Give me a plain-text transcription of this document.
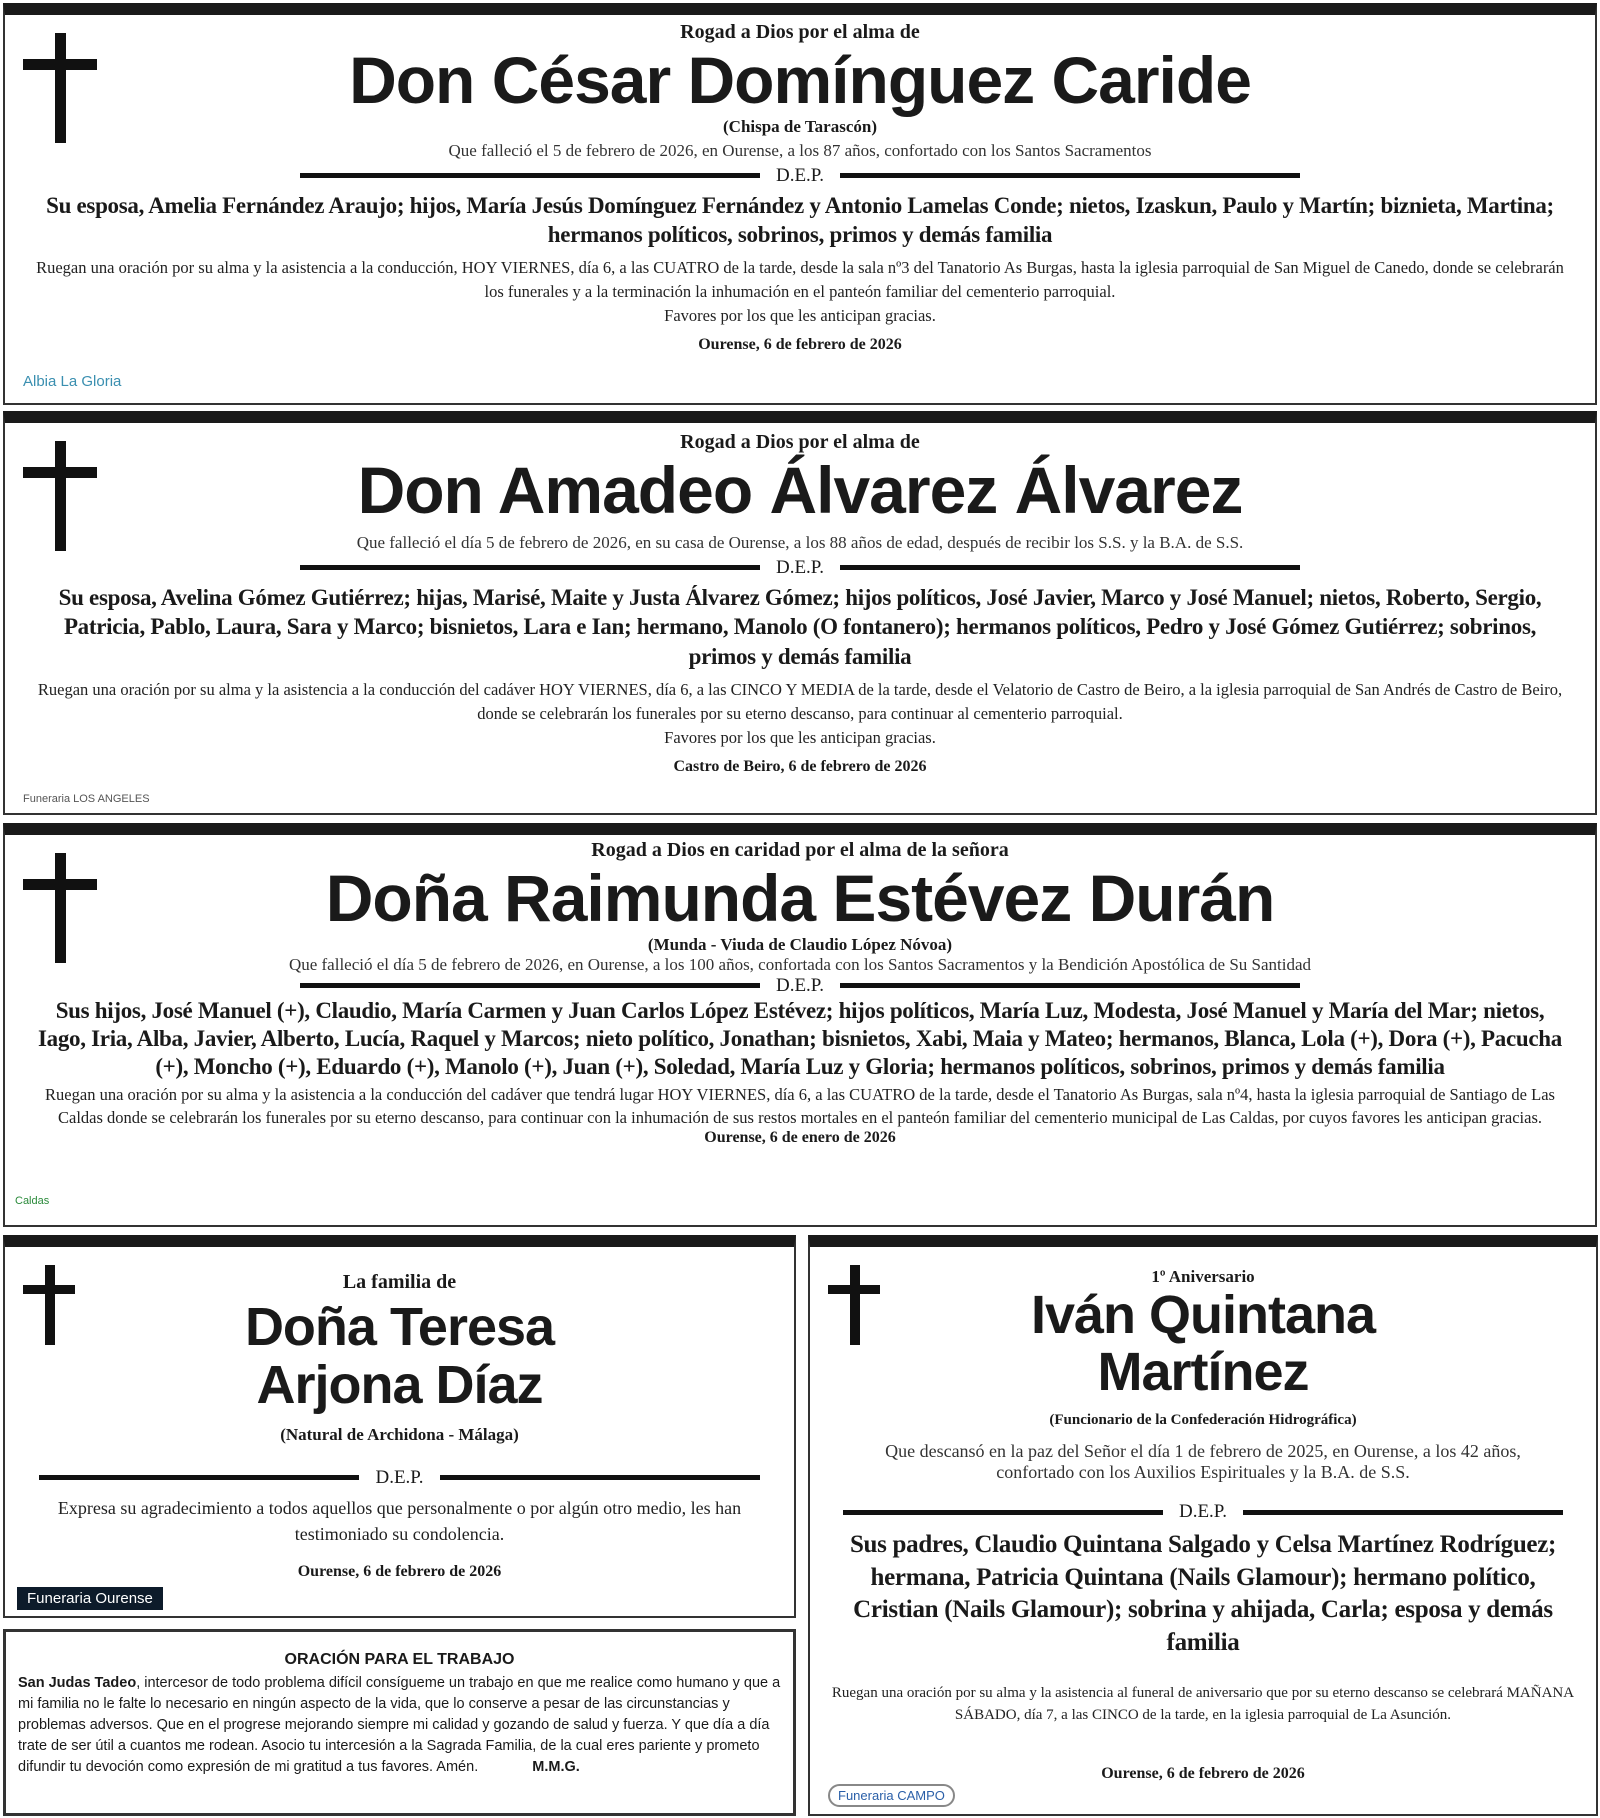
Rogad a Dios por el alma de
Don César Domínguez Caride
(Chispa de Tarascón)
Que falleció el 5 de febrero de 2026, en Ourense, a los 87 años, confortado con los Santos Sacramentos
D.E.P.
Su esposa, Amelia Fernández Araujo; hijos, María Jesús Domínguez Fernández y Antonio Lamelas Conde; nietos, Izaskun, Paulo y Martín; biznieta, Martina; hermanos políticos, sobrinos, primos y demás familia
Ruegan una oración por su alma y la asistencia a la conducción, HOY VIERNES, día 6, a las CUATRO de la tarde, desde la sala nº3 del Tanatorio As Burgas, hasta la iglesia parroquial de San Miguel de Canedo, donde se celebrarán los funerales y a la terminación la inhumación en el panteón familiar del cementerio parroquial.
Favores por los que les anticipan gracias.
Ourense, 6 de febrero de 2026
Albia La Gloria
Rogad a Dios por el alma de
Don Amadeo Álvarez Álvarez
Que falleció el día 5 de febrero de 2026, en su casa de Ourense, a los 88 años de edad, después de recibir los S.S. y la B.A. de S.S.
D.E.P.
Su esposa, Avelina Gómez Gutiérrez; hijas, Marisé, Maite y Justa Álvarez Gómez; hijos políticos, José Javier, Marco y José Manuel; nietos, Roberto, Sergio, Patricia, Pablo, Laura, Sara y Marco; bisnietos, Lara e Ian; hermano, Manolo (O fontanero); hermanos políticos, Pedro y José Gómez Gutiérrez; sobrinos, primos y demás familia
Ruegan una oración por su alma y la asistencia a la conducción del cadáver HOY VIERNES, día 6, a las CINCO Y MEDIA de la tarde, desde el Velatorio de Castro de Beiro, a la iglesia parroquial de San Andrés de Castro de Beiro, donde se celebrarán los funerales por su eterno descanso, para continuar al cementerio parroquial.
Favores por los que les anticipan gracias.
Castro de Beiro, 6 de febrero de 2026
Funeraria LOS ANGELES
Rogad a Dios en caridad por el alma de la señora
Doña Raimunda Estévez Durán
(Munda - Viuda de Claudio López Nóvoa)
Que falleció el día 5 de febrero de 2026, en Ourense, a los 100 años, confortada con los Santos Sacramentos y la Bendición Apostólica de Su Santidad
D.E.P.
Sus hijos, José Manuel (+), Claudio, María Carmen y Juan Carlos López Estévez; hijos políticos, María Luz, Modesta, José Manuel y María del Mar; nietos, Iago, Iria, Alba, Javier, Alberto, Lucía, Raquel y Marcos; nieto político, Jonathan; bisnietos, Xabi, Maia y Mateo; hermanos, Blanca, Lola (+), Dora (+), Pacucha (+), Moncho (+), Eduardo (+), Manolo (+), Juan (+), Soledad, María Luz y Gloria; hermanos políticos, sobrinos, primos y demás familia
Ruegan una oración por su alma y la asistencia a la conducción del cadáver que tendrá lugar HOY VIERNES, día 6, a las CUATRO de la tarde, desde el Tanatorio As Burgas, sala nº4, hasta la iglesia parroquial de Santiago de Las Caldas donde se celebrarán los funerales por su eterno descanso, para continuar con la inhumación de sus restos mortales en el panteón familiar del cementerio municipal de Las Caldas, por cuyos favores les anticipan gracias.
Ourense, 6 de enero de 2026
Caldas
La familia de
Doña Teresa Arjona Díaz
(Natural de Archidona - Málaga)
D.E.P.
Expresa su agradecimiento a todos aquellos que personalmente o por algún otro medio, les han testimoniado su condolencia.
Ourense, 6 de febrero de 2026
Funeraria Ourense
ORACIÓN PARA EL TRABAJO
San Judas Tadeo, intercesor de todo problema difícil consígueme un trabajo en que me realice como humano y que a mi familia no le falte lo necesario en ningún aspecto de la vida, que lo conserve a pesar de las circunstancias y problemas adversos. Que en el progrese mejorando siempre mi calidad y gozando de salud y fuerza. Y que día a día trate de ser útil a cuantos me rodean. Asocio tu intercesión a la Sagrada Familia, de la cual eres pariente y prometo difundir tu devoción como expresión de mi gratitud a tus favores. Amén.	M.M.G.
1º Aniversario
Iván Quintana Martínez
(Funcionario de la Confederación Hidrográfica)
Que descansó en la paz del Señor el día 1 de febrero de 2025, en Ourense, a los 42 años, confortado con los Auxilios Espirituales y la B.A. de S.S.
D.E.P.
Sus padres, Claudio Quintana Salgado y Celsa Martínez Rodríguez; hermana, Patricia Quintana (Nails Glamour); hermano político, Cristian (Nails Glamour); sobrina y ahijada, Carla; esposa y demás familia
Ruegan una oración por su alma y la asistencia al funeral de aniversario que por su eterno descanso se celebrará MAÑANA SÁBADO, día 7, a las CINCO de la tarde, en la iglesia parroquial de La Asunción.
Ourense, 6 de febrero de 2026
Funeraria CAMPO
